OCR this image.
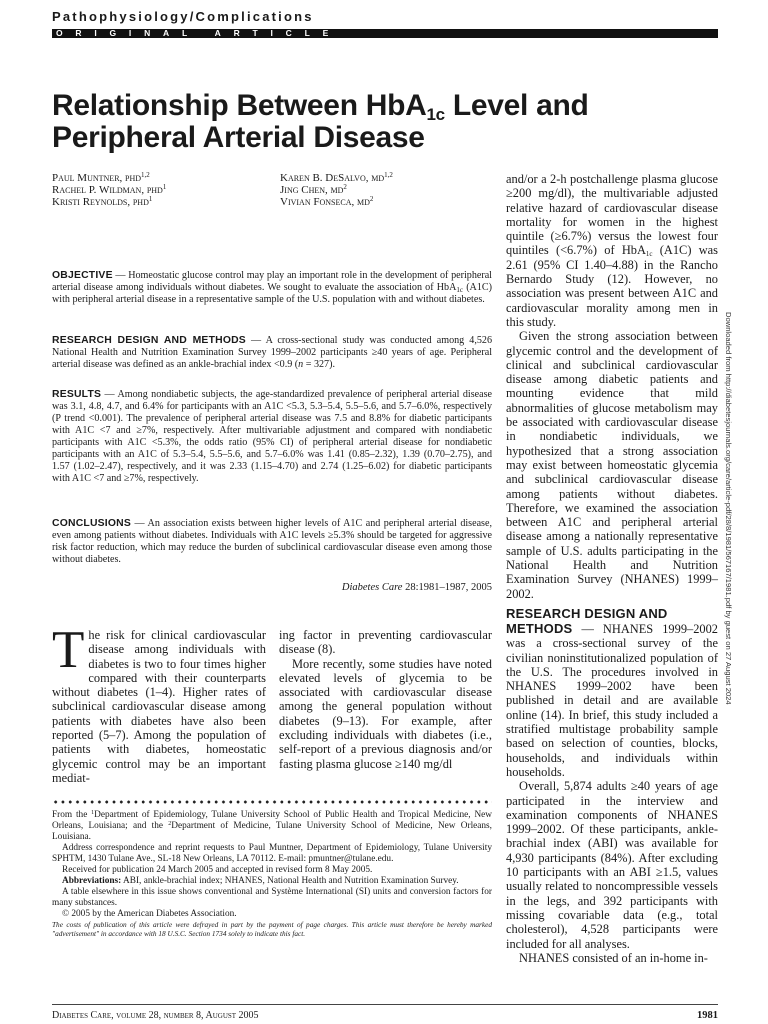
Pathophysiology/Complications
ORIGINAL ARTICLE
Relationship Between HbA$_{1c}$ Level and
Peripheral Arterial Disease
Paul Muntner, phd$^{1,2}$
Rachel P. Wildman, phd$^1$
Kristi Reynolds, phd$^1$
Karen B. DeSalvo, md$^{1,2}$
Jing Chen, $md^2$
Vivian Fonseca, $md^2$
OBJECTIVE — Homeostatic glucose control may play an important role in the development of peripheral arterial disease among individuals without diabetes. We sought to evaluate the association of HbA$_{1c}$ (A1C) with peripheral arterial disease in a representative sample of the U.S. population with and without diabetes.
RESEARCH DESIGN AND METHODS — A cross-sectional study was conducted among 4,526 National Health and Nutrition Examination Survey 1999–2002 participants ≥40 years of age. Peripheral arterial disease was defined as an ankle-brachial index <0.9 (n = 327).
RESULTS — Among nondiabetic subjects, the age-standardized prevalence of peripheral arterial disease was 3.1, 4.8, 4.7, and 6.4% for participants with an A1C <5.3, 5.3–5.4, 5.5–5.6, and 5.7–6.0%, respectively (P trend <0.001). The prevalence of peripheral arterial disease was 7.5 and 8.8% for diabetic participants with A1C <7 and ≥7%, respectively. After multivariable adjustment and compared with nondiabetic participants with A1C <5.3%, the odds ratio (95% CI) of peripheral arterial disease for nondiabetic participants with an A1C of 5.3–5.4, 5.5–5.6, and 5.7–6.0% was 1.41 (0.85–2.32), 1.39 (0.70–2.75), and 1.57 (1.02–2.47), respectively, and it was 2.33 (1.15–4.70) and 2.74 (1.25–6.02) for diabetic participants with A1C <7 and ≥7%, respectively.
CONCLUSIONS — An association exists between higher levels of A1C and peripheral arterial disease, even among patients without diabetes. Individuals with A1C levels ≥5.3% should be targeted for aggressive risk factor reduction, which may reduce the burden of subclinical cardiovascular disease even among those without diabetes.
Diabetes Care 28:1981–1987, 2005

The risk for clinical cardiovascular disease among individuals with diabetes is two to four times higher compared with their counterparts without diabetes (1–4). Higher rates of subclinical cardiovascular disease among patients with diabetes have also been reported (5–7). Among the population of patients with diabetes, homeostatic glycemic control may be an important mediat-

ing factor in preventing cardiovascular disease (8).

More recently, some studies have noted elevated levels of glycemia to be associated with cardiovascular disease among the general population without diabetes (9–13). For example, after excluding individuals with diabetes (i.e., self-report of a previous diagnosis and/or fasting plasma glucose ≥140 mg/dl

and/or a 2-h postchallenge plasma glucose ≥200 mg/dl), the multivariable adjusted relative hazard of cardiovascular disease mortality for women in the highest quintile (≥6.7%) versus the lowest four quintiles (<6.7%) of HbA$_{1c}$ (A1C) was 2.61 (95% CI 1.40–4.88) in the Rancho Bernardo Study (12). However, no association was present between A1C and cardiovascular morality among men in this study.

Given the strong association between glycemic control and the development of clinical and subclinical cardiovascular disease among diabetic patients and mounting evidence that mild abnormalities of glucose metabolism may be associated with cardiovascular disease in nondiabetic individuals, we hypothesized that a strong association may exist between homeostatic glycemia and subclinical cardiovascular disease among patients without diabetes. Therefore, we examined the association between A1C and peripheral arterial disease among a nationally representative sample of U.S. adults participating in the National Health and Nutrition Examination Survey (NHANES) 1999–2002.

RESEARCH DESIGN AND

METHODS — NHANES 1999–2002 was a cross-sectional survey of the civilian noninstitutionalized population of the U.S. The procedures involved in NHANES 1999–2002 have been published in detail and are available online (14). In brief, this study included a stratified multistage probability sample based on selection of counties, blocks, households, and individuals within households.

Overall, 5,874 adults ≥40 years of age participated in the interview and examination components of NHANES 1999–2002. Of these participants, ankle-brachial index (ABI) was available for 4,930 participants (84%). After excluding 10 participants with an ABI ≥1.5, values usually related to noncompressible vessels in the legs, and 392 participants with missing covariable data (e.g., total cholesterol), 4,528 participants were included for all analyses.

NHANES consisted of an in-home in-

From the $^1$Department of Epidemiology, Tulane University School of Public Health and Tropical Medicine, New Orleans, Louisiana; and the $^2$Department of Medicine, Tulane University School of Medicine, New Orleans, Louisiana.

Address correspondence and reprint requests to Paul Muntner, Department of Epidemiology, Tulane University SPHTM, 1430 Tulane Ave., SL-18 New Orleans, LA 70112. E-mail: pmuntner@tulane.edu.

Received for publication 24 March 2005 and accepted in revised form 8 May 2005.

Abbreviations: ABI, ankle-brachial index; NHANES, National Health and Nutrition Examination Survey.

A table elsewhere in this issue shows conventional and Système International (SI) units and conversion factors for many substances.

© 2005 by the American Diabetes Association.

The costs of publication of this article were defrayed in part by the payment of page charges. This article must therefore be hereby marked "advertisement" in accordance with 18 U.S.C. Section 1734 solely to indicate this fact.

Diabetes Care, volume 28, number 8, August 2005	1981
Downloaded from http://diabetesjournals.org/care/article-pdf/28/8/1981/567167/1981.pdf by guest on 27 August 2024
